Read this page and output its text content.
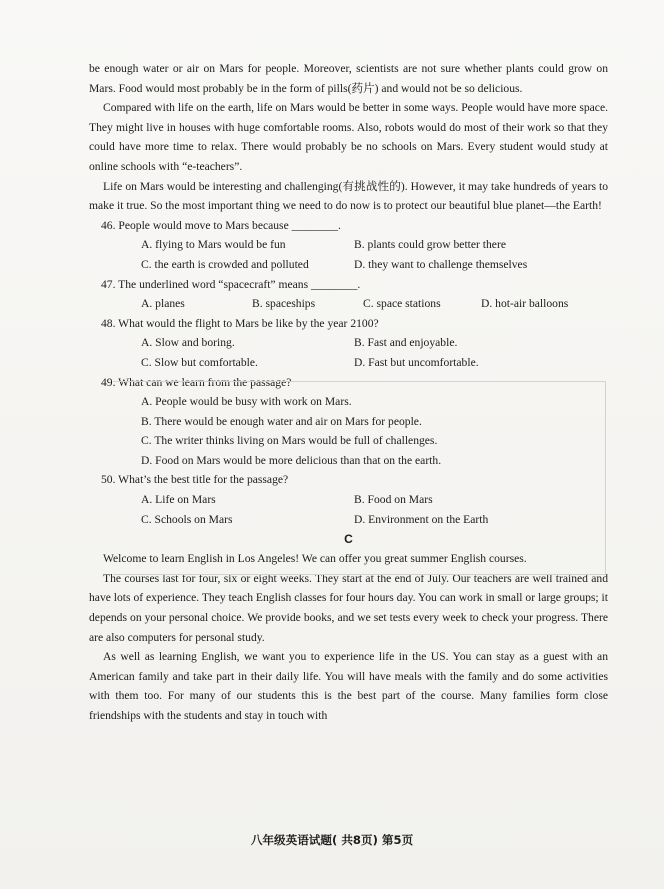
be enough water or air on Mars for people. Moreover, scientists are not sure whether plants could grow on Mars. Food would most probably be in the form of pills(药片) and would not be so delicious.

Compared with life on the earth, life on Mars would be better in some ways. People would have more space. They might live in houses with huge comfortable rooms. Also, robots would do most of their work so that they could have more time to relax. There would probably be no schools on Mars. Every student would study at online schools with “e-teachers”.

Life on Mars would be interesting and challenging(有挑战性的). However, it may take hundreds of years to make it true. So the most important thing we need to do now is to protect our beautiful blue planet—the Earth!

46. People would move to Mars because ________.
A. flying to Mars would be fun	B. plants could grow better there
C. the earth is crowded and polluted	D. they want to challenge themselves
47. The underlined word “spacecraft” means ________.
A. planes	B. spaceships	C. space stations	D. hot-air balloons
48. What would the flight to Mars be like by the year 2100?
A. Slow and boring.	B. Fast and enjoyable.
C. Slow but comfortable.	D. Fast but uncomfortable.
49. What can we learn from the passage?
A. People would be busy with work on Mars.
B. There would be enough water and air on Mars for people.
C. The writer thinks living on Mars would be full of challenges.
D. Food on Mars would be more delicious than that on the earth.
50. What’s the best title for the passage?
A. Life on Mars	B. Food on Mars
C. Schools on Mars	D. Environment on the Earth
C

Welcome to learn English in Los Angeles! We can offer you great summer English courses.

The courses last for four, six or eight weeks. They start at the end of July. Our teachers are well trained and have lots of experience. They teach English classes for four hours day. You can work in small or large groups; it depends on your personal choice. We provide books, and we set tests every week to check your progress. There are also computers for personal study.

As well as learning English, we want you to experience life in the US. You can stay as a guest with an American family and take part in their daily life. You will have meals with the family and do some activities with them too. For many of our students this is the best part of the course. Many families form close friendships with the students and stay in touch with

八年级英语试题( 共8页) 第5页
